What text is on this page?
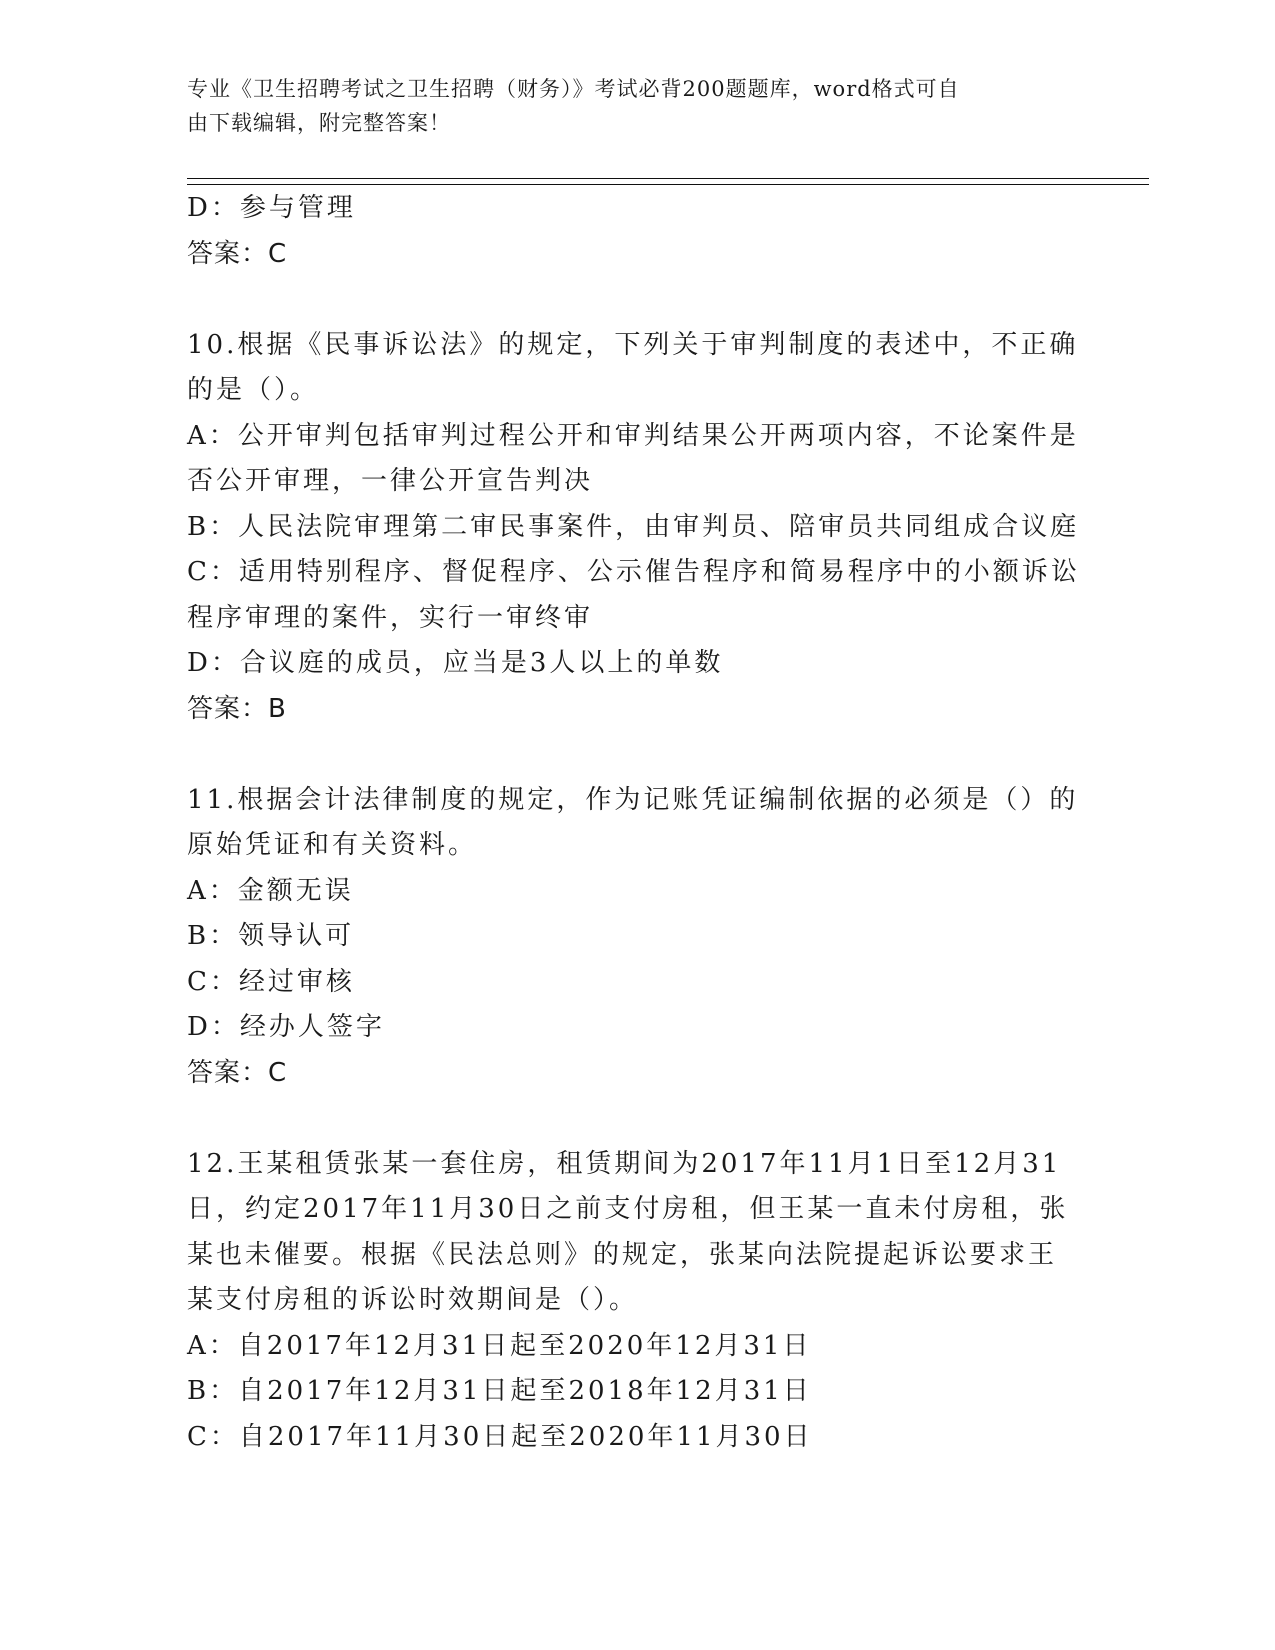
专业《卫生招聘考试之卫生招聘（财务）》考试必背200题题库，word格式可自
由下载编辑，附完整答案！
D：参与管理
答案：C
10.根据《民事诉讼法》的规定，下列关于审判制度的表述中，不正确
的是（）。
A：公开审判包括审判过程公开和审判结果公开两项内容，不论案件是
否公开审理，一律公开宣告判决
B：人民法院审理第二审民事案件，由审判员、陪审员共同组成合议庭
C：适用特别程序、督促程序、公示催告程序和简易程序中的小额诉讼
程序审理的案件，实行一审终审
D：合议庭的成员，应当是3人以上的单数
答案：B
11.根据会计法律制度的规定，作为记账凭证编制依据的必须是（）的
原始凭证和有关资料。
A：金额无误
B：领导认可
C：经过审核
D：经办人签字
答案：C
12.王某租赁张某一套住房，租赁期间为2017年11月1日至12月31
日，约定2017年11月30日之前支付房租，但王某一直未付房租，张
某也未催要。根据《民法总则》的规定，张某向法院提起诉讼要求王
某支付房租的诉讼时效期间是（）。
A：自2017年12月31日起至2020年12月31日
B：自2017年12月31日起至2018年12月31日
C：自2017年11月30日起至2020年11月30日
